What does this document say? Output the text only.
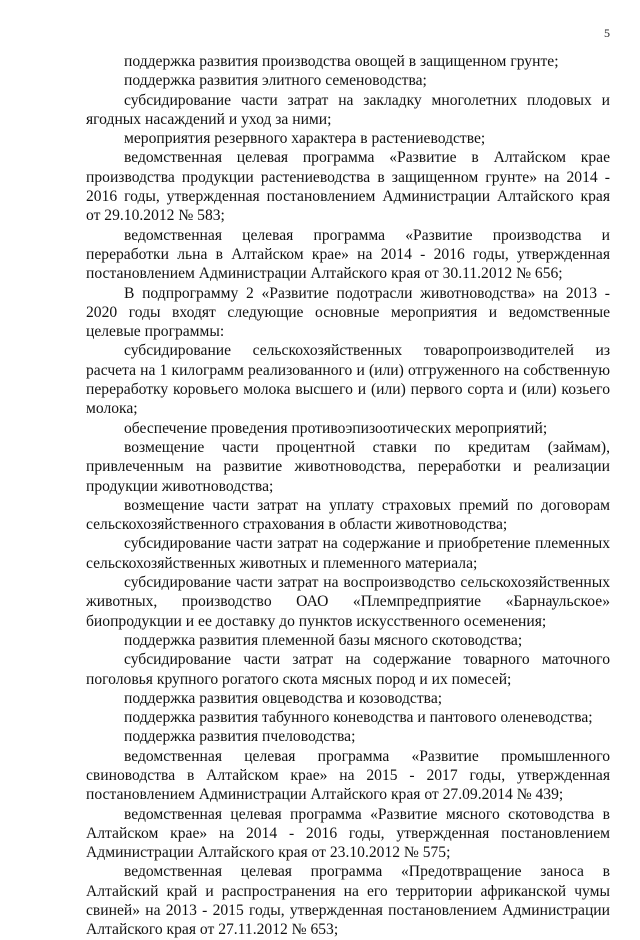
5

поддержка развития производства овощей в защищенном грунте;

поддержка развития элитного семеноводства;

субсидирование части затрат на закладку многолетних плодовых и ягодных насаждений и уход за ними;

мероприятия резервного характера в растениеводстве;

ведомственная целевая программа «Развитие в Алтайском крае производства продукции растениеводства в защищенном грунте» на 2014 - 2016 годы, утвержденная постановлением Администрации Алтайского края от 29.10.2012 № 583;

ведомственная целевая программа «Развитие производства и переработки льна в Алтайском крае» на 2014 - 2016 годы, утвержденная постановлением Администрации Алтайского края от 30.11.2012 № 656;

В подпрограмму 2 «Развитие подотрасли животноводства» на 2013 - 2020 годы входят следующие основные мероприятия и ведомственные целевые программы:

субсидирование сельскохозяйственных товаропроизводителей из расчета на 1 килограмм реализованного и (или) отгруженного на собственную переработку коровьего молока высшего и (или) первого сорта и (или) козьего молока;

обеспечение проведения противоэпизоотических мероприятий;

возмещение части процентной ставки по кредитам (займам), привлеченным на развитие животноводства, переработки и реализации продукции животноводства;

возмещение части затрат на уплату страховых премий по договорам сельскохозяйственного страхования в области животноводства;

субсидирование части затрат на содержание и приобретение племенных сельскохозяйственных животных и племенного материала;

субсидирование части затрат на воспроизводство сельскохозяйственных животных, производство ОАО «Племпредприятие «Барнаульское» биопродукции и ее доставку до пунктов искусственного осеменения;

поддержка развития племенной базы мясного скотоводства;

субсидирование части затрат на содержание товарного маточного поголовья крупного рогатого скота мясных пород и их помесей;

поддержка развития овцеводства и козоводства;

поддержка развития табунного коневодства и пантового оленеводства;

поддержка развития пчеловодства;

ведомственная целевая программа «Развитие промышленного свиноводства в Алтайском крае» на 2015 - 2017 годы, утвержденная постановлением Администрации Алтайского края от 27.09.2014 № 439;

ведомственная целевая программа «Развитие мясного скотоводства в Алтайском крае» на 2014 - 2016 годы, утвержденная постановлением Администрации Алтайского края от 23.10.2012 № 575;

ведомственная целевая программа «Предотвращение заноса в Алтайский край и распространения на его территории африканской чумы свиней» на 2013 - 2015 годы, утвержденная постановлением Администрации Алтайского края от 27.11.2012 № 653;
